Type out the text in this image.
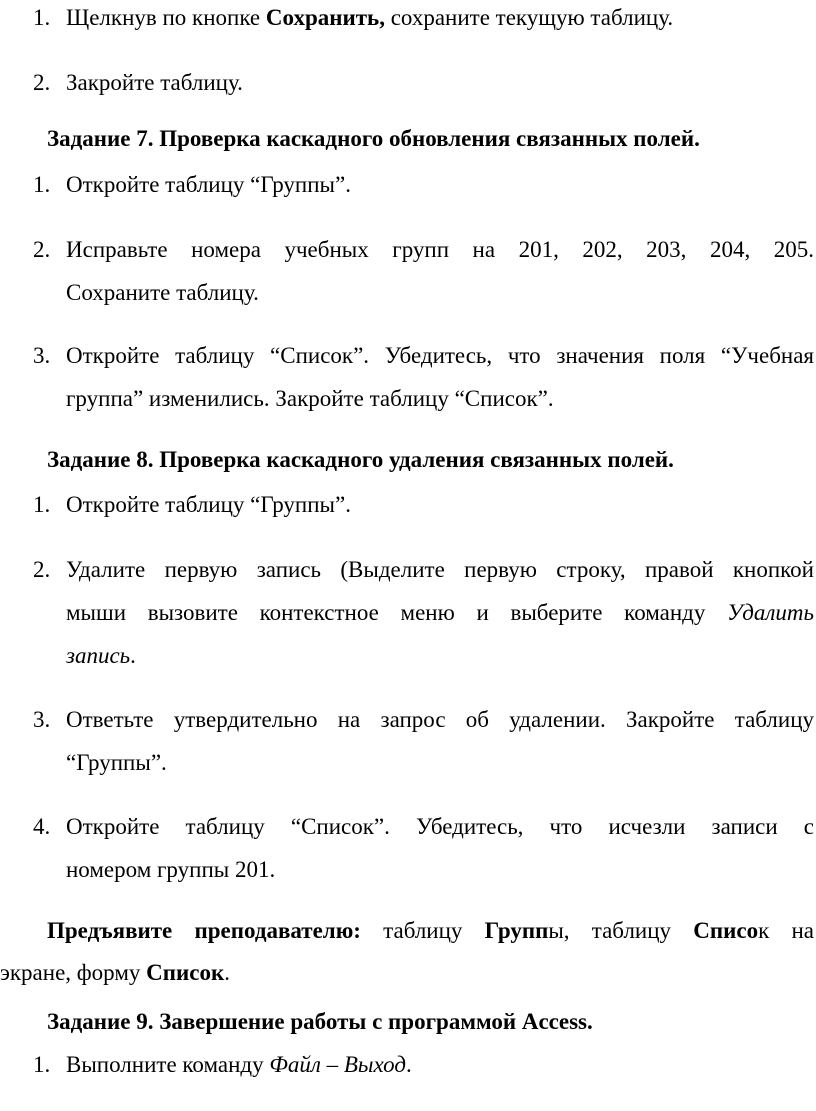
1. Щелкнув по кнопке Сохранить, сохраните текущую таблицу.
2. Закройте таблицу.
Задание 7. Проверка каскадного обновления связанных полей.
1. Откройте таблицу “Группы”.
2. Исправьте номера учебных групп на 201, 202, 203, 204, 205.
Сохраните таблицу.
3. Откройте таблицу “Список”. Убедитесь, что значения поля “Учебная
группа” изменились. Закройте таблицу “Список”.
Задание 8. Проверка каскадного удаления связанных полей.
1. Откройте таблицу “Группы”.
2. Удалите первую запись (Выделите первую строку, правой кнопкой
мыши вызовите контекстное меню и выберите команду Удалить
запись.
3. Ответьте утвердительно на запрос об удалении. Закройте таблицу
“Группы”.
4. Откройте таблицу “Список”. Убедитесь, что исчезли записи с
номером группы 201.
Предъявите преподавателю: таблицу Группы, таблицу Список на
экране, форму Список.
Задание 9. Завершение работы с программой Access.
1. Выполните команду Файл – Выход.
